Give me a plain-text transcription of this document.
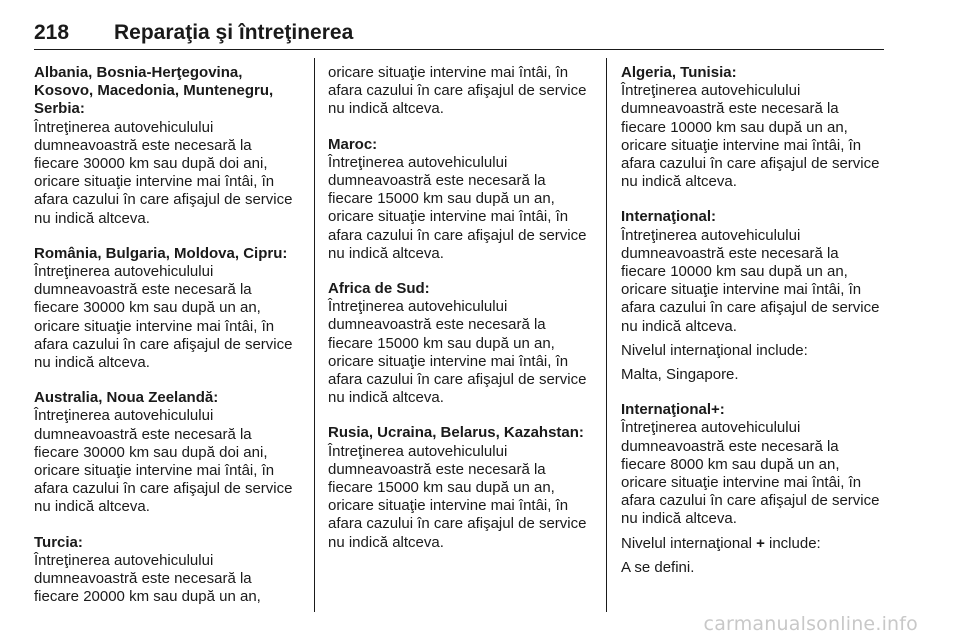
218 Reparaţia şi întreţinerea

Albania, Bosnia-Herţegovina, Kosovo, Macedonia, Muntenegru, Serbia:

Întreţinerea autovehiculului dumneavoastră este necesară la fiecare 30000 km sau după doi ani, oricare situaţie intervine mai întâi, în afara cazului în care afişajul de service nu indică altceva.

România, Bulgaria, Moldova, Cipru:

Întreţinerea autovehiculului dumneavoastră este necesară la fiecare 30000 km sau după un an, oricare situaţie intervine mai întâi, în afara cazului în care afişajul de service nu indică altceva.

Australia, Noua Zeelandă:

Întreţinerea autovehiculului dumneavoastră este necesară la fiecare 30000 km sau după doi ani, oricare situaţie intervine mai întâi, în afara cazului în care afişajul de service nu indică altceva.

Turcia:

Întreţinerea autovehiculului dumneavoastră este necesară la fiecare 20000 km sau după un an,

oricare situaţie intervine mai întâi, în afara cazului în care afişajul de service nu indică altceva.

Maroc:

Întreţinerea autovehiculului dumneavoastră este necesară la fiecare 15000 km sau după un an, oricare situaţie intervine mai întâi, în afara cazului în care afişajul de service nu indică altceva.

Africa de Sud:

Întreţinerea autovehiculului dumneavoastră este necesară la fiecare 15000 km sau după un an, oricare situaţie intervine mai întâi, în afara cazului în care afişajul de service nu indică altceva.

Rusia, Ucraina, Belarus, Kazahstan:

Întreţinerea autovehiculului dumneavoastră este necesară la fiecare 15000 km sau după un an, oricare situaţie intervine mai întâi, în afara cazului în care afişajul de service nu indică altceva.

Algeria, Tunisia:

Întreţinerea autovehiculului dumneavoastră este necesară la fiecare 10000 km sau după un an, oricare situaţie intervine mai întâi, în afara cazului în care afişajul de service nu indică altceva.

Internaţional:

Întreţinerea autovehiculului dumneavoastră este necesară la fiecare 10000 km sau după un an, oricare situaţie intervine mai întâi, în afara cazului în care afişajul de service nu indică altceva.

Nivelul internaţional include:

Malta, Singapore.

Internaţional+:

Întreţinerea autovehiculului dumneavoastră este necesară la fiecare 8000 km sau după un an, oricare situaţie intervine mai întâi, în afara cazului în care afişajul de service nu indică altceva.

Nivelul internaţional + include:

A se defini.

carmanualsonline.info
